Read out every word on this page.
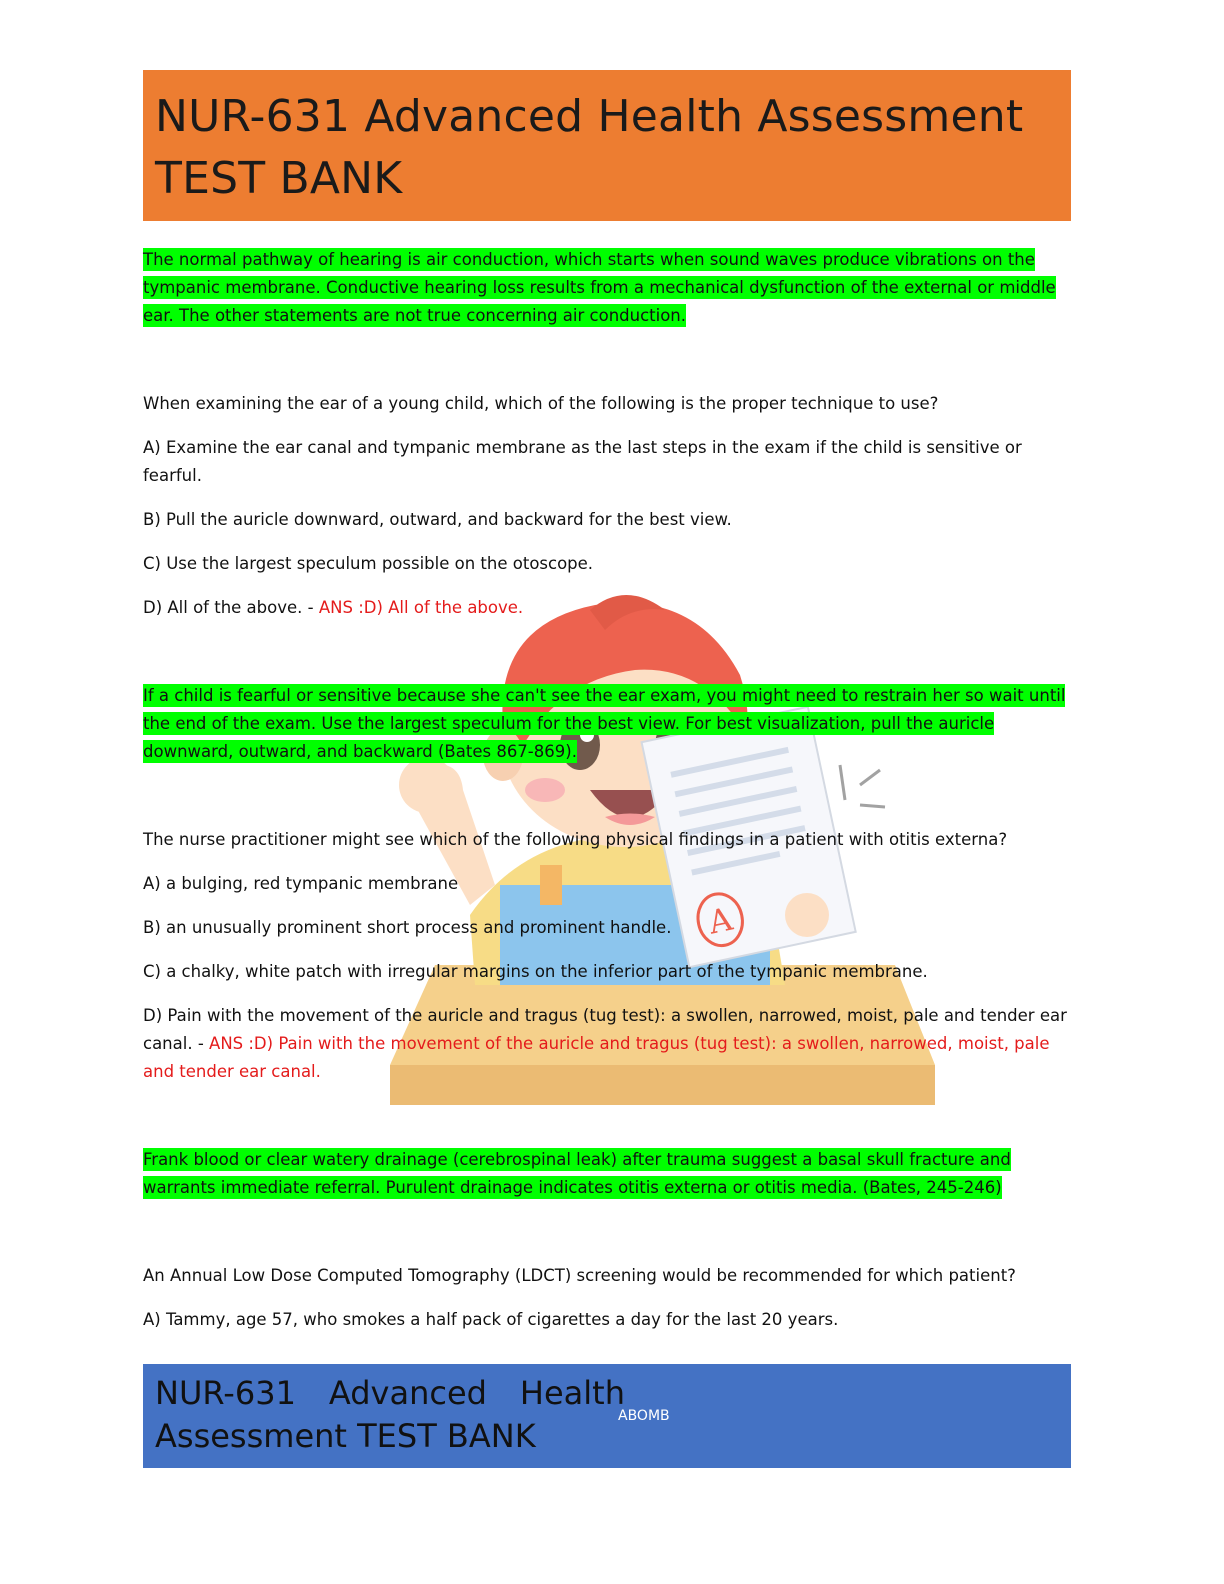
NUR-631 Advanced Health Assessment TEST BANK
A

The normal pathway of hearing is air conduction, which starts when sound waves produce vibrations on the tympanic membrane. Conductive hearing loss results from a mechanical dysfunction of the external or middle ear. The other statements are not true concerning air conduction.

When examining the ear of a young child, which of the following is the proper technique to use?

A) Examine the ear canal and tympanic membrane as the last steps in the exam if the child is sensitive or fearful.

B) Pull the auricle downward, outward, and backward for the best view.

C) Use the largest speculum possible on the otoscope.

D) All of the above. - ANS :D) All of the above.

If a child is fearful or sensitive because she can't see the ear exam, you might need to restrain her so wait until the end of the exam. Use the largest speculum for the best view. For best visualization, pull the auricle downward, outward, and backward (Bates 867-869).

The nurse practitioner might see which of the following physical findings in a patient with otitis externa?

A) a bulging, red tympanic membrane

B) an unusually prominent short process and prominent handle.

C) a chalky, white patch with irregular margins on the inferior part of the tympanic membrane.

D) Pain with the movement of the auricle and tragus (tug test): a swollen, narrowed, moist, pale and tender ear canal. - ANS :D) Pain with the movement of the auricle and tragus (tug test): a swollen, narrowed, moist, pale and tender ear canal.

Frank blood or clear watery drainage (cerebrospinal leak) after trauma suggest a basal skull fracture and warrants immediate referral. Purulent drainage indicates otitis externa or otitis media. (Bates, 245-246)

An Annual Low Dose Computed Tomography (LDCT) screening would be recommended for which patient?

A) Tammy, age 57, who smokes a half pack of cigarettes a day for the last 20 years.

NUR-631 Advanced Health Assessment TEST BANK
ABOMB
